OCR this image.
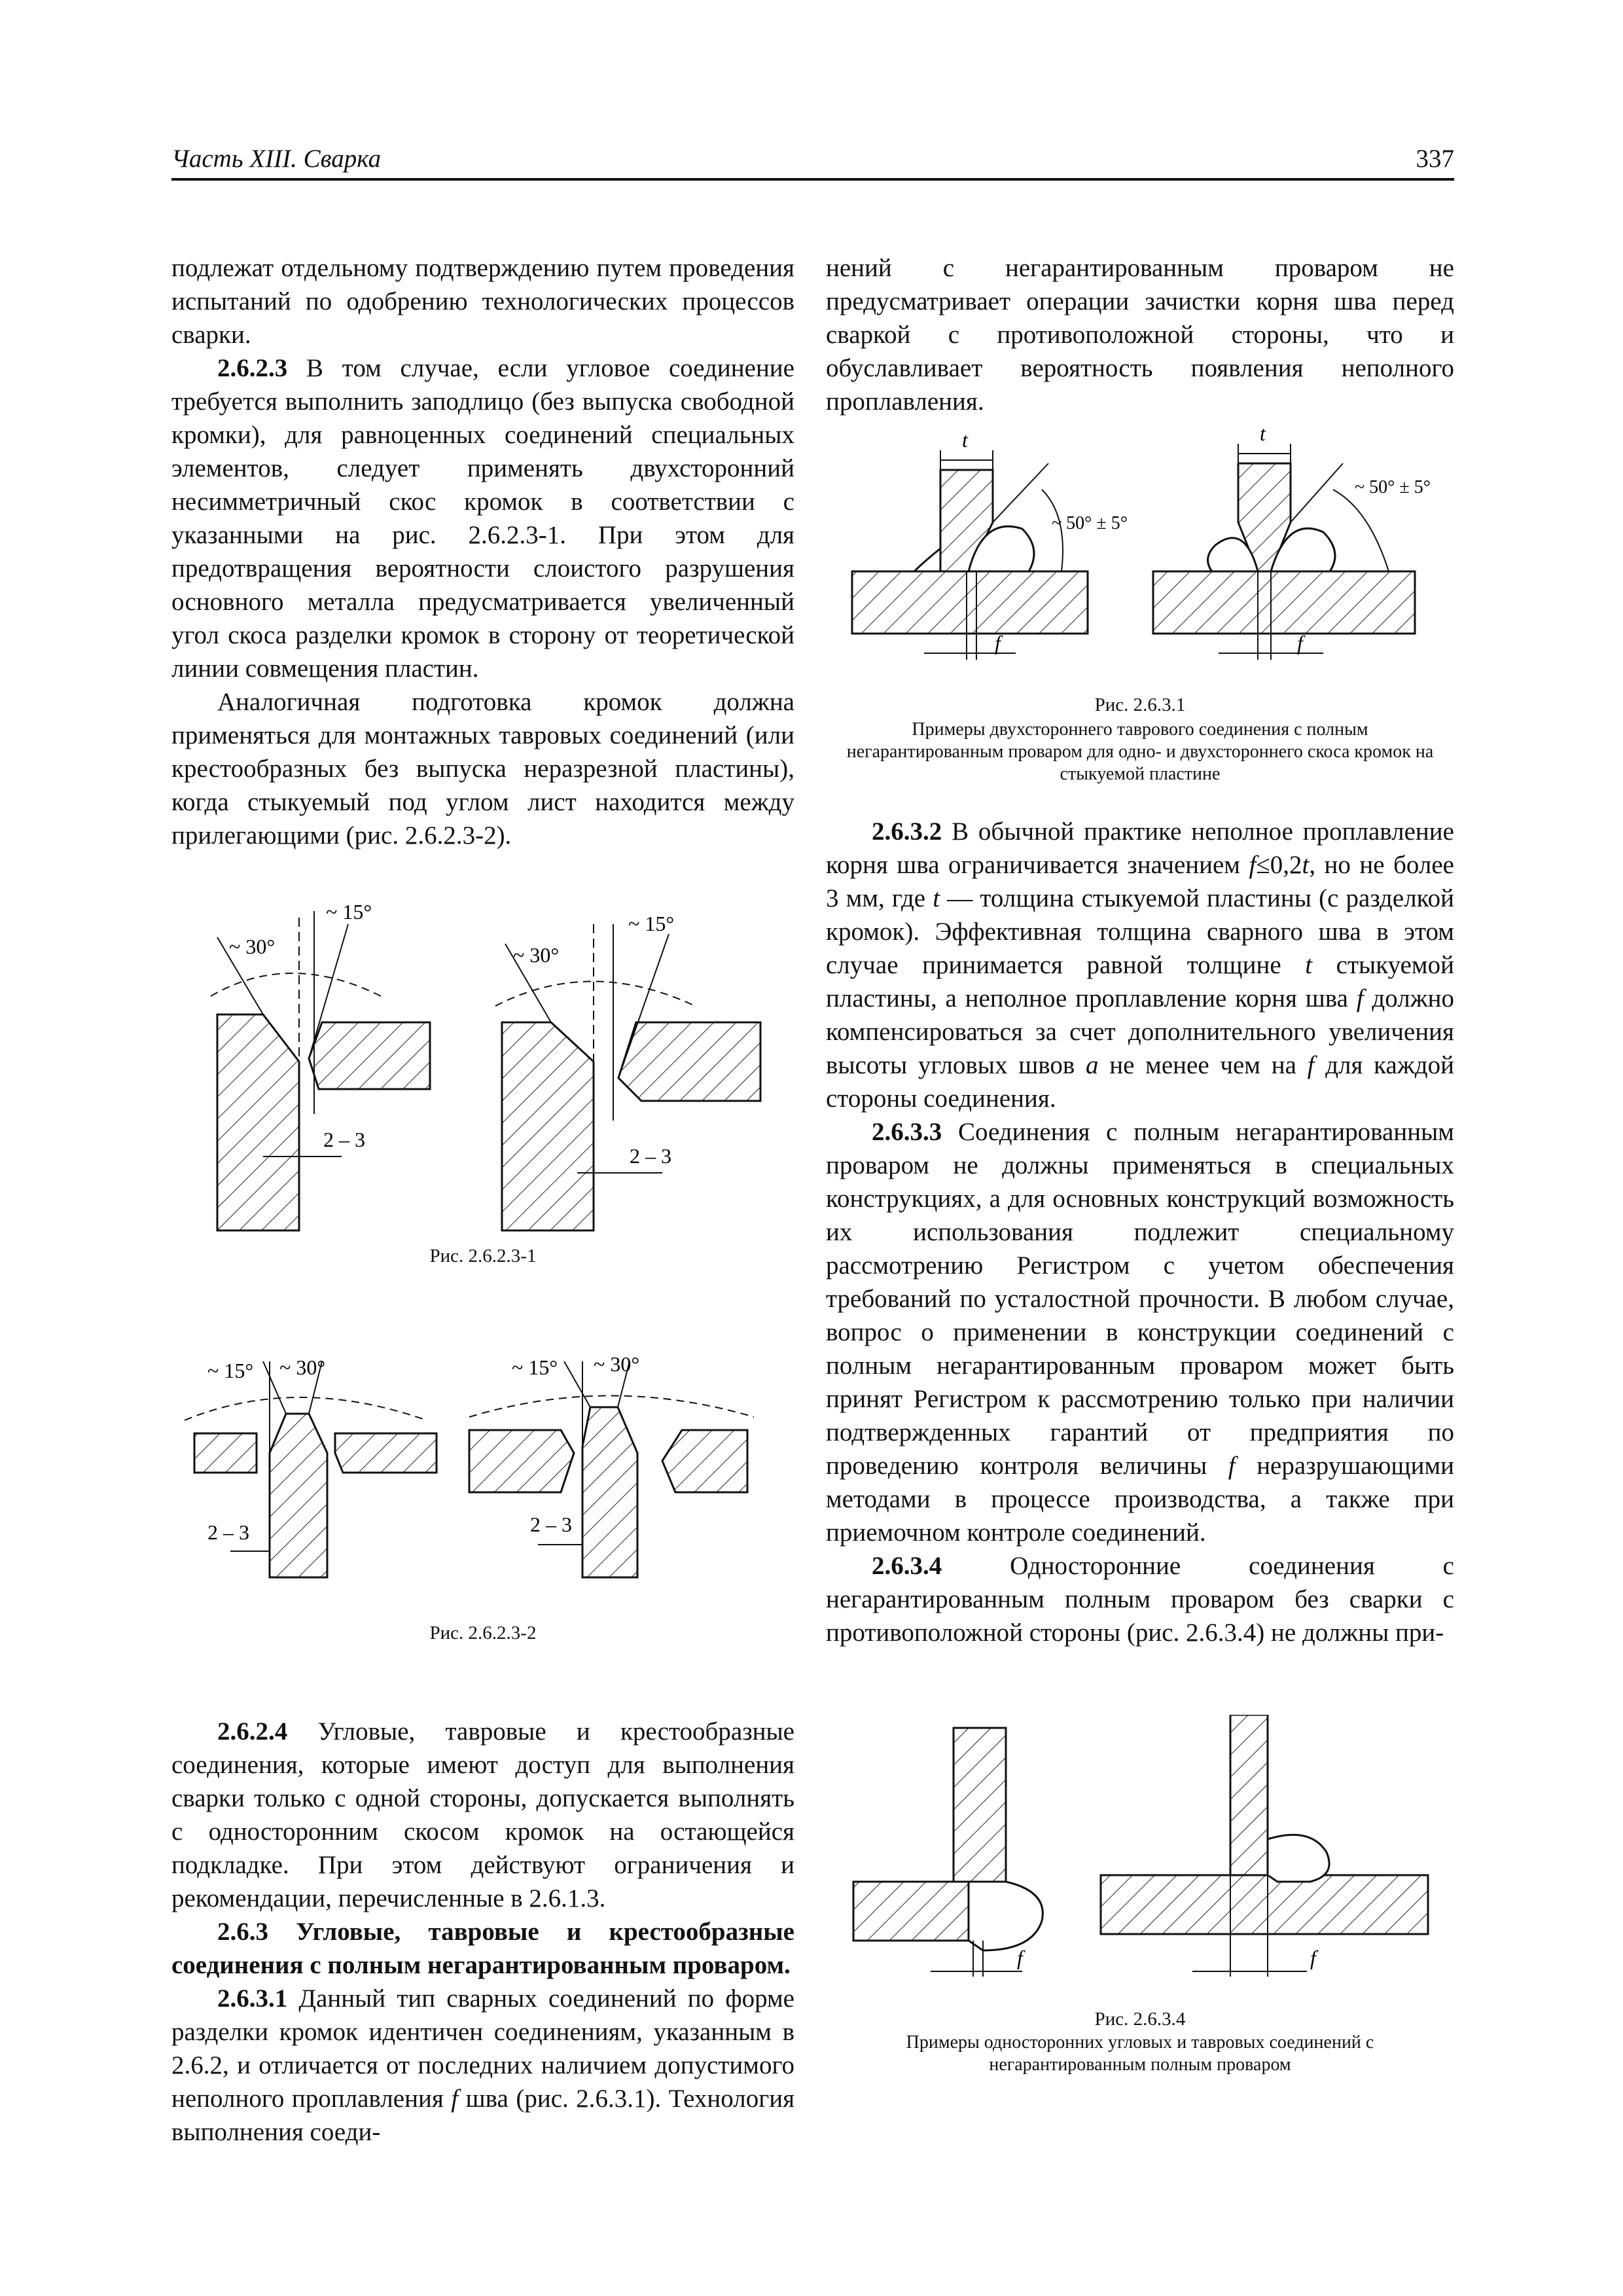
Часть XIII. Сварка	337

подлежат отдельному подтверждению путем проведения испытаний по одобрению технологических процессов сварки.

2.6.2.3 В том случае, если угловое соединение требуется выполнить заподлицо (без выпуска свободной кромки), для равноценных соединений специальных элементов, следует применять двухсторонний несимметричный скос кромок в соответствии с указанными на рис. 2.6.2.3-1. При этом для предотвращения вероятности слоистого разрушения основного металла предусматривается увеличенный угол скоса разделки кромок в сторону от теоретической линии совмещения пластин.

Аналогичная подготовка кромок должна применяться для монтажных тавровых соединений (или крестообразных без выпуска неразрезной пластины), когда стыкуемый под углом лист находится между прилегающими (рис. 2.6.2.3-2).

2.6.2.4 Угловые, тавровые и крестообразные соединения, которые имеют доступ для выполнения сварки только с одной стороны, допускается выполнять с односторонним скосом кромок на остающейся подкладке. При этом действуют ограничения и рекомендации, перечисленные в 2.6.1.3.

2.6.3 Угловые, тавровые и крестообразные соединения с полным негарантированным проваром.

2.6.3.1 Данный тип сварных соединений по форме разделки кромок идентичен соединениям, указанным в 2.6.2, и отличается от последних наличием допустимого неполного проплавления f шва (рис. 2.6.3.1). Технология выполнения соеди-

нений с негарантированным проваром не предусматривает операции зачистки корня шва перед сваркой с противоположной стороны, что и обуславливает вероятность появления неполного проплавления.

2.6.3.2 В обычной практике неполное проплавление корня шва ограничивается значением f≤0,2t, но не более 3 мм, где t — толщина стыкуемой пластины (с разделкой кромок). Эффективная толщина сварного шва в этом случае принимается равной толщине t стыкуемой пластины, а неполное проплавление корня шва f должно компенсироваться за счет дополнительного увеличения высоты угловых швов a не менее чем на f для каждой стороны соединения.

2.6.3.3 Соединения с полным негарантированным проваром не должны применяться в специальных конструкциях, а для основных конструкций возможность их использования подлежит специальному рассмотрению Регистром с учетом обеспечения требований по усталостной прочности. В любом случае, вопрос о применении в конструкции соединений с полным негарантированным проваром может быть принят Регистром к рассмотрению только при наличии подтвержденных гарантий от предприятия по проведению контроля величины f неразрушающими методами в процессе производства, а также при приемочном контроле соединений.

2.6.3.4 Односторонние соединения с негарантированным полным проваром без сварки с противоположной стороны (рис. 2.6.3.4) не должны при-

~ 30°
~ 15°
2 – 3
~ 30°
~ 15°
2 – 3
Рис. 2.6.2.3-1
~ 15° ~ 30°
2 – 3
~ 15° ~ 30°
2 – 3
Рис. 2.6.2.3-2
t
f
~ 50° ± 5°
t
f
~ 50° ± 5°
Рис. 2.6.3.1
Примеры двухстороннего таврового соединения с полным негарантированным проваром для одно- и двухстороннего скоса кромок на стыкуемой пластине
f	f
Рис. 2.6.3.4
Примеры односторонних угловых и тавровых соединений с негарантированным полным проваром
